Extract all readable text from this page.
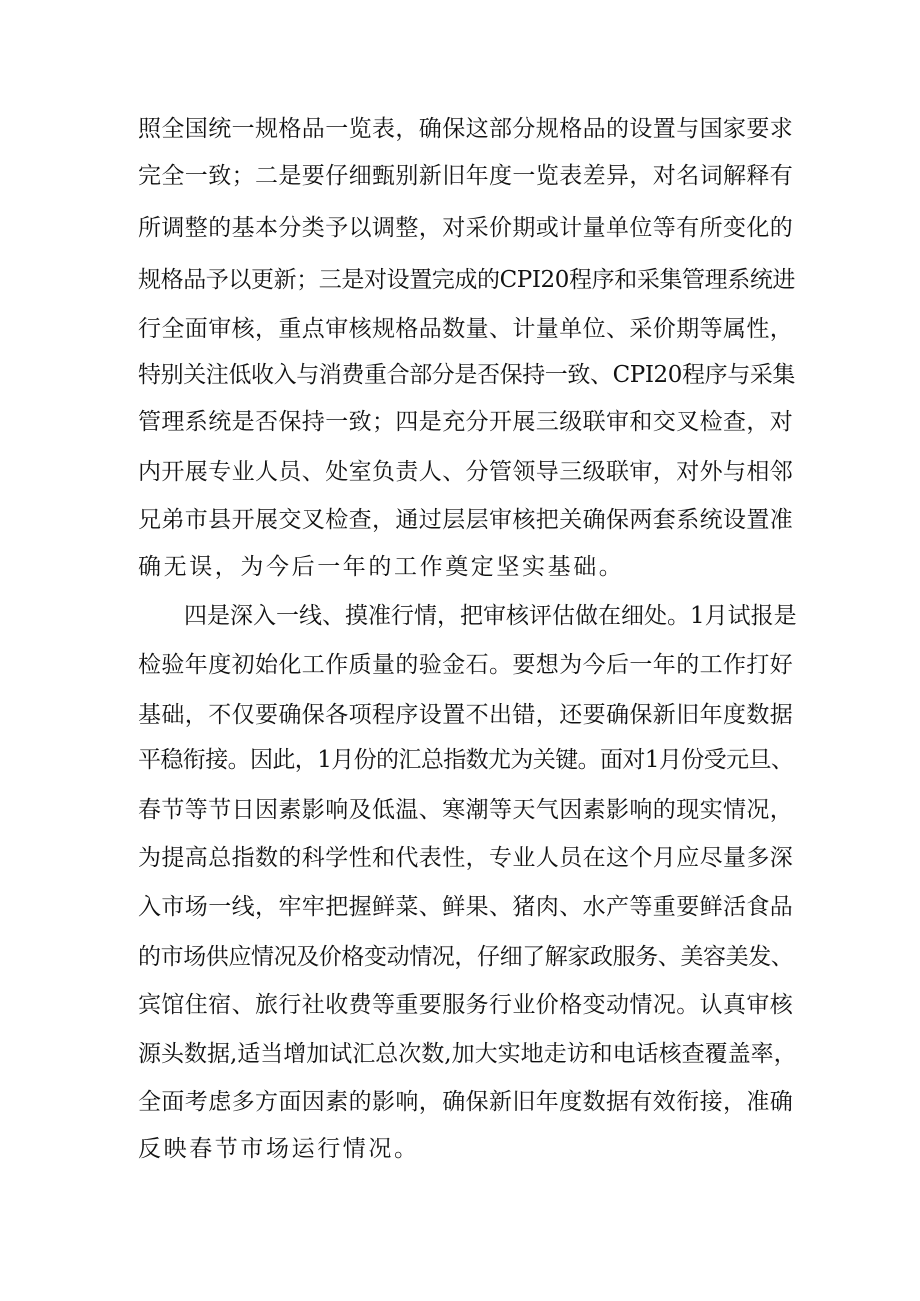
照全国统一规格品一览表，确保这部分规格品的设置与国家要求
完全一致；二是要仔细甄别新旧年度一览表差异，对名词解释有
所调整的基本分类予以调整，对采价期或计量单位等有所变化的
规格品予以更新；三是对设置完成的CPI20程序和采集管理系统进
行全面审核，重点审核规格品数量、计量单位、采价期等属性，
特别关注低收入与消费重合部分是否保持一致、CPI20程序与采集
管理系统是否保持一致；四是充分开展三级联审和交叉检查，对
内开展专业人员、处室负责人、分管领导三级联审，对外与相邻
兄弟市县开展交叉检查，通过层层审核把关确保两套系统设置准
确无误，为今后一年的工作奠定坚实基础。
四是深入一线、摸准行情，把审核评估做在细处。1月试报是
检验年度初始化工作质量的验金石。要想为今后一年的工作打好
基础，不仅要确保各项程序设置不出错，还要确保新旧年度数据
平稳衔接。因此，1月份的汇总指数尤为关键。面对1月份受元旦、
春节等节日因素影响及低温、寒潮等天气因素影响的现实情况，
为提高总指数的科学性和代表性，专业人员在这个月应尽量多深
入市场一线，牢牢把握鲜菜、鲜果、猪肉、水产等重要鲜活食品
的市场供应情况及价格变动情况，仔细了解家政服务、美容美发、
宾馆住宿、旅行社收费等重要服务行业价格变动情况。认真审核
源头数据,适当增加试汇总次数,加大实地走访和电话核查覆盖率，
全面考虑多方面因素的影响，确保新旧年度数据有效衔接，准确
反映春节市场运行情况。
